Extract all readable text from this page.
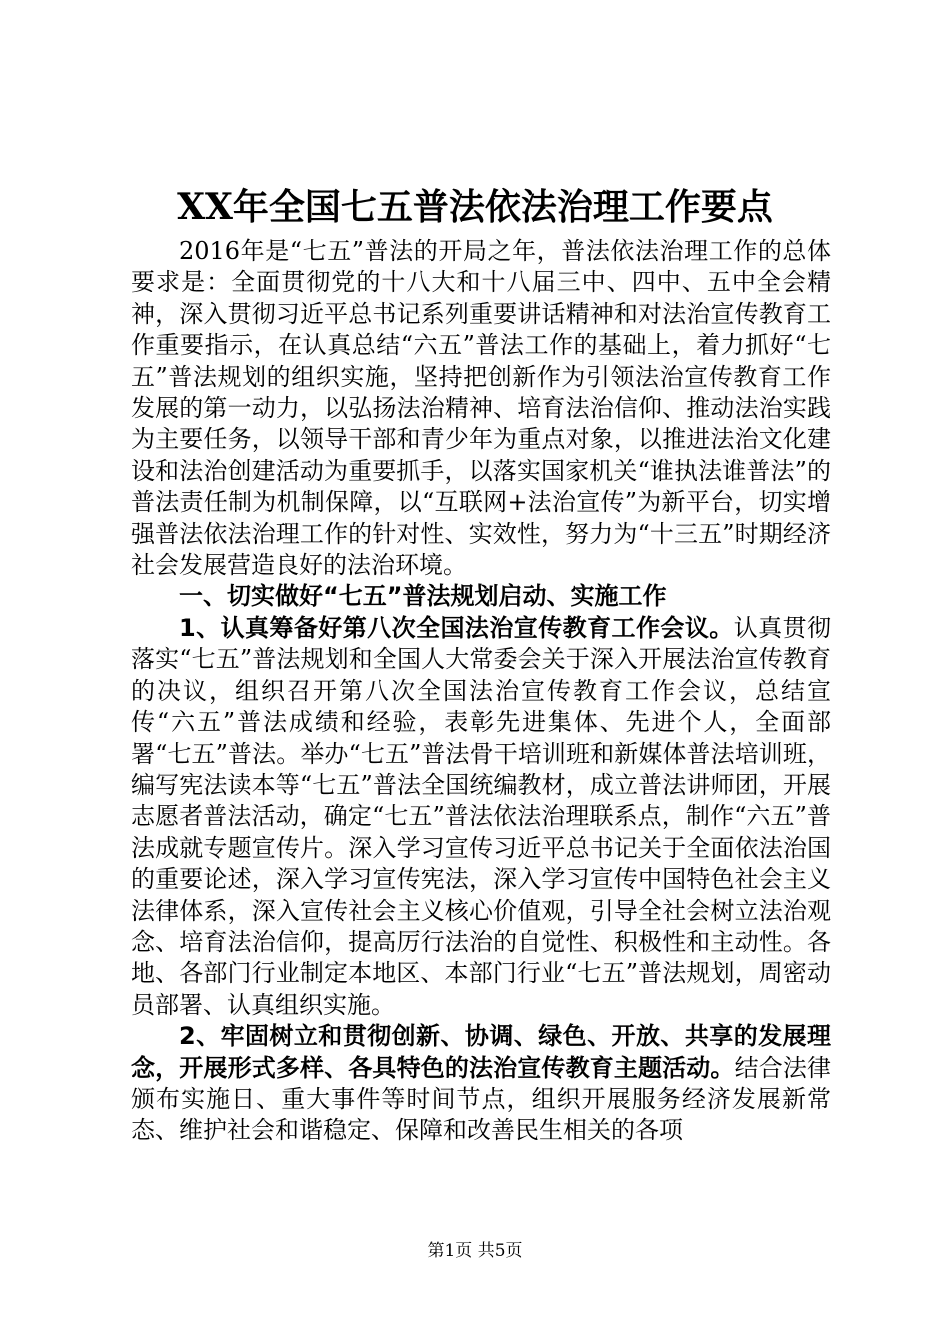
XX年全国七五普法依法治理工作要点

2016年是“七五”普法的开局之年，普法依法治理工作的总体要求是：全面贯彻党的十八大和十八届三中、四中、五中全会精神，深入贯彻习近平总书记系列重要讲话精神和对法治宣传教育工作重要指示，在认真总结“六五”普法工作的基础上，着力抓好“七五”普法规划的组织实施，坚持把创新作为引领法治宣传教育工作发展的第一动力，以弘扬法治精神、培育法治信仰、推动法治实践为主要任务，以领导干部和青少年为重点对象，以推进法治文化建设和法治创建活动为重要抓手，以落实国家机关“谁执法谁普法”的普法责任制为机制保障，以“互联网+法治宣传”为新平台，切实增强普法依法治理工作的针对性、实效性，努力为“十三五”时期经济社会发展营造良好的法治环境。

一、切实做好“七五”普法规划启动、实施工作

1、认真筹备好第八次全国法治宣传教育工作会议。认真贯彻落实“七五”普法规划和全国人大常委会关于深入开展法治宣传教育的决议，组织召开第八次全国法治宣传教育工作会议，总结宣传“六五”普法成绩和经验，表彰先进集体、先进个人，全面部署“七五”普法。举办“七五”普法骨干培训班和新媒体普法培训班，编写宪法读本等“七五”普法全国统编教材，成立普法讲师团，开展志愿者普法活动，确定“七五”普法依法治理联系点，制作“六五”普法成就专题宣传片。深入学习宣传习近平总书记关于全面依法治国的重要论述，深入学习宣传宪法，深入学习宣传中国特色社会主义法律体系，深入宣传社会主义核心价值观，引导全社会树立法治观念、培育法治信仰，提高厉行法治的自觉性、积极性和主动性。各地、各部门行业制定本地区、本部门行业“七五”普法规划，周密动员部署、认真组织实施。

2、牢固树立和贯彻创新、协调、绿色、开放、共享的发展理念，开展形式多样、各具特色的法治宣传教育主题活动。结合法律颁布实施日、重大事件等时间节点，组织开展服务经济发展新常态、维护社会和谐稳定、保障和改善民生相关的各项

第1页 共5页
